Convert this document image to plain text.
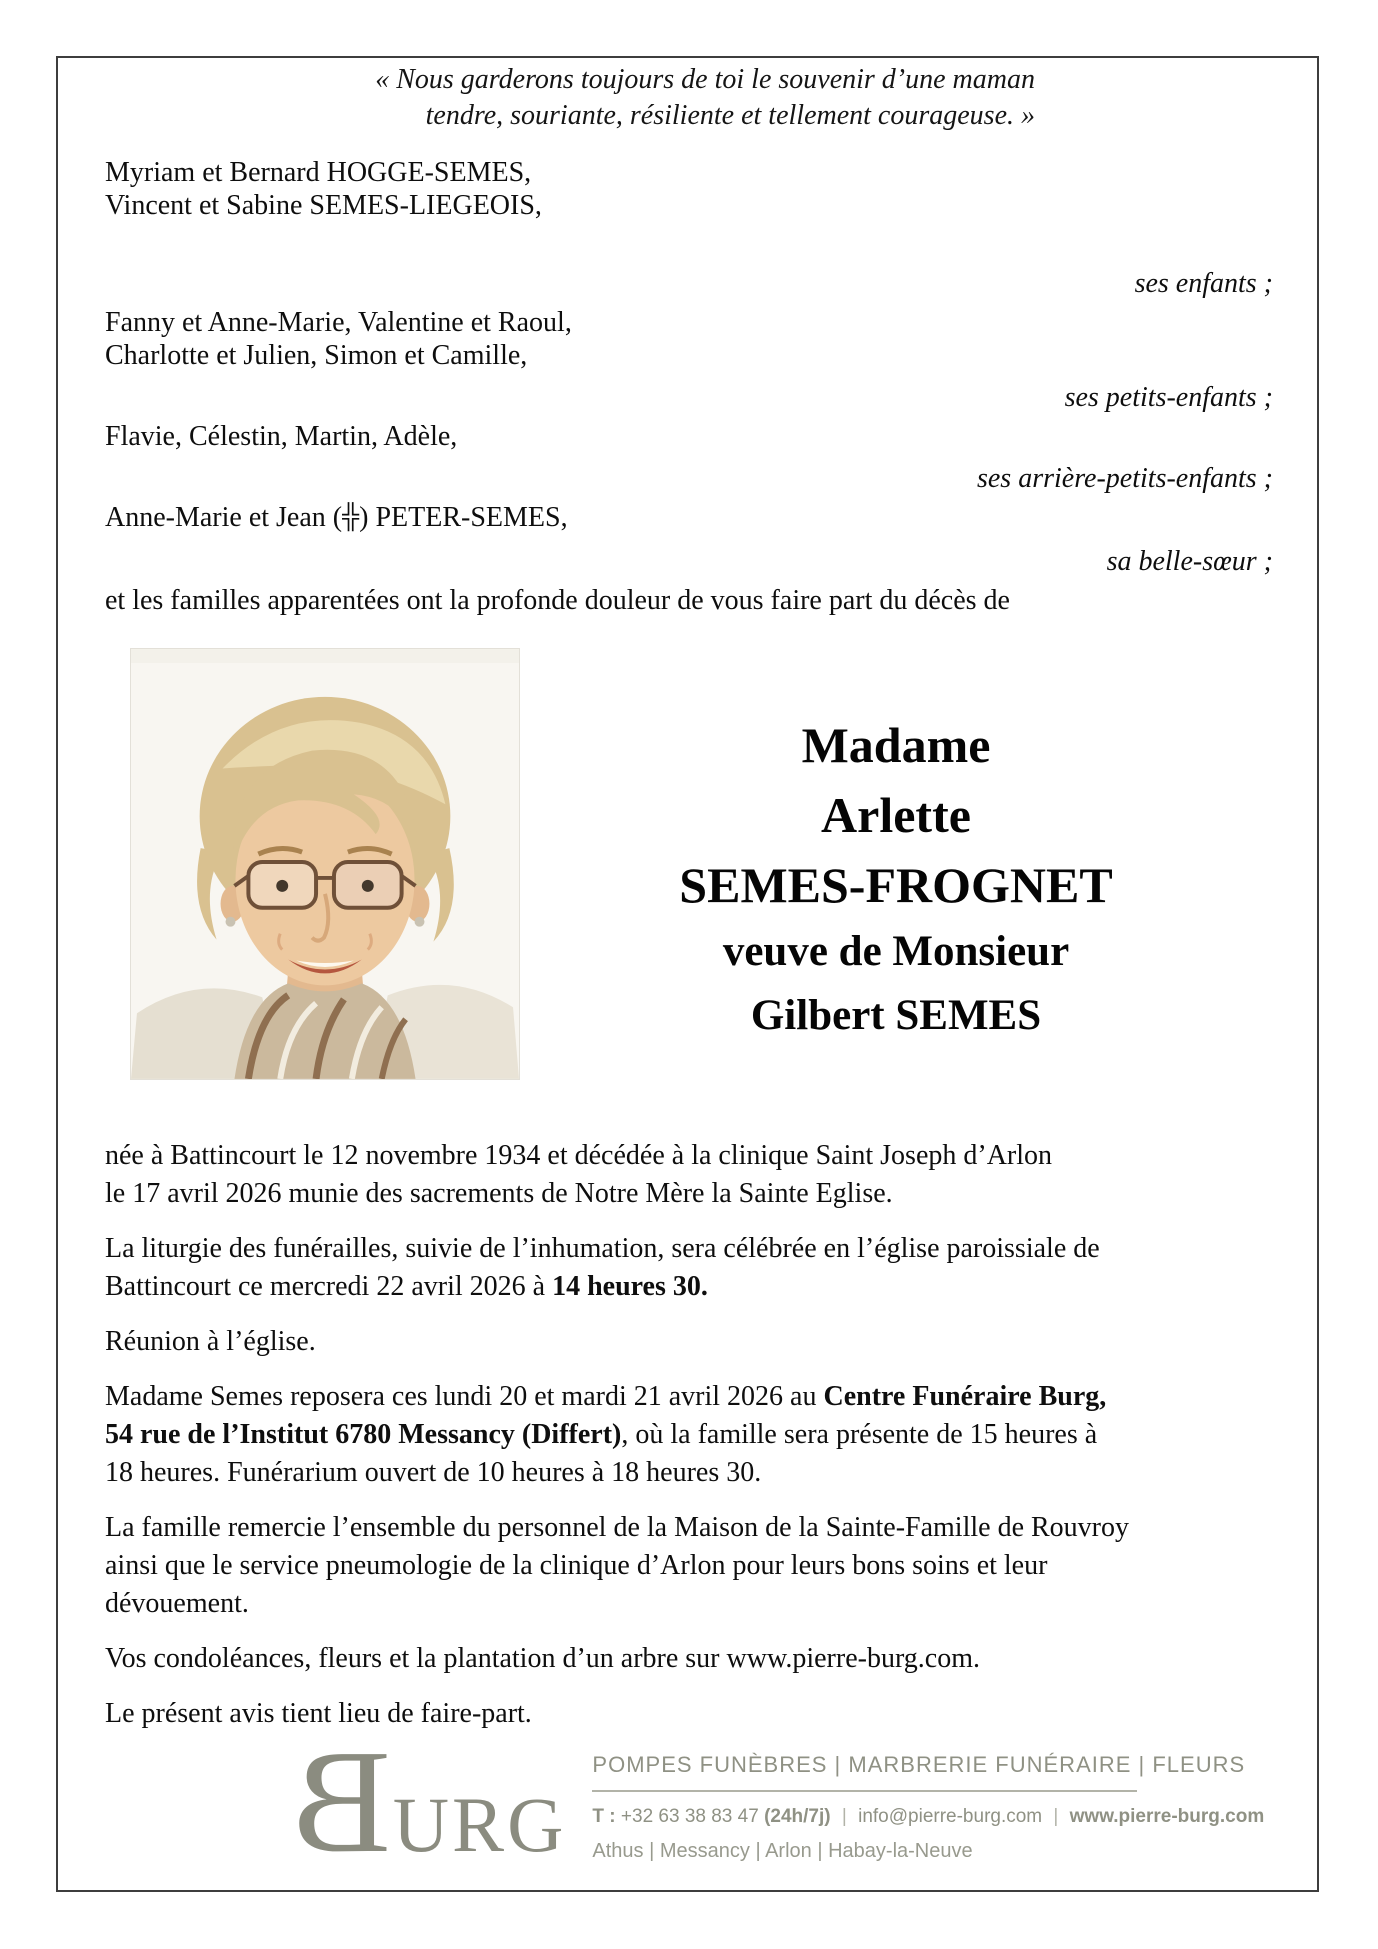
« Nous garderons toujours de toi le souvenir d’une maman
tendre, souriante, résiliente et tellement courageuse. »
Myriam et Bernard HOGGE-SEMES,
Vincent et Sabine SEMES-LIEGEOIS,
ses enfants ;
Fanny et Anne-Marie, Valentine et Raoul,
Charlotte et Julien, Simon et Camille,
ses petits-enfants ;
Flavie, Célestin, Martin, Adèle,
ses arrière-petits-enfants ;
Anne-Marie et Jean (╬) PETER-SEMES,
sa belle-sœur ;
et les familles apparentées ont la profonde douleur de vous faire part du décès de
Madame
Arlette
SEMES-FROGNET
veuve de Monsieur
Gilbert SEMES

née à Battincourt le 12 novembre 1934 et décédée à la clinique Saint Joseph d’Arlon
le 17 avril 2026 munie des sacrements de Notre Mère la Sainte Eglise.

La liturgie des funérailles, suivie de l’inhumation, sera célébrée en l’église paroissiale de
Battincourt ce mercredi 22 avril 2026 à 14 heures 30.

Réunion à l’église.

Madame Semes reposera ces lundi 20 et mardi 21 avril 2026 au Centre Funéraire Burg,
54 rue de l’Institut 6780 Messancy (Differt), où la famille sera présente de 15 heures à
18 heures. Funérarium ouvert de 10 heures à 18 heures 30.

La famille remercie l’ensemble du personnel de la Maison de la Sainte-Famille de Rouvroy
ainsi que le service pneumologie de la clinique d’Arlon pour leurs bons soins et leur
dévouement.

Vos condoléances, fleurs et la plantation d’un arbre sur www.pierre-burg.com.

Le présent avis tient lieu de faire-part.

B URG
POMPES FUNÈBRES | MARBRERIE FUNÉRAIRE | FLEURS
T : +32 63 38 83 47 (24h/7j) | info@pierre-burg.com | www.pierre-burg.com
Athus | Messancy | Arlon | Habay-la-Neuve
